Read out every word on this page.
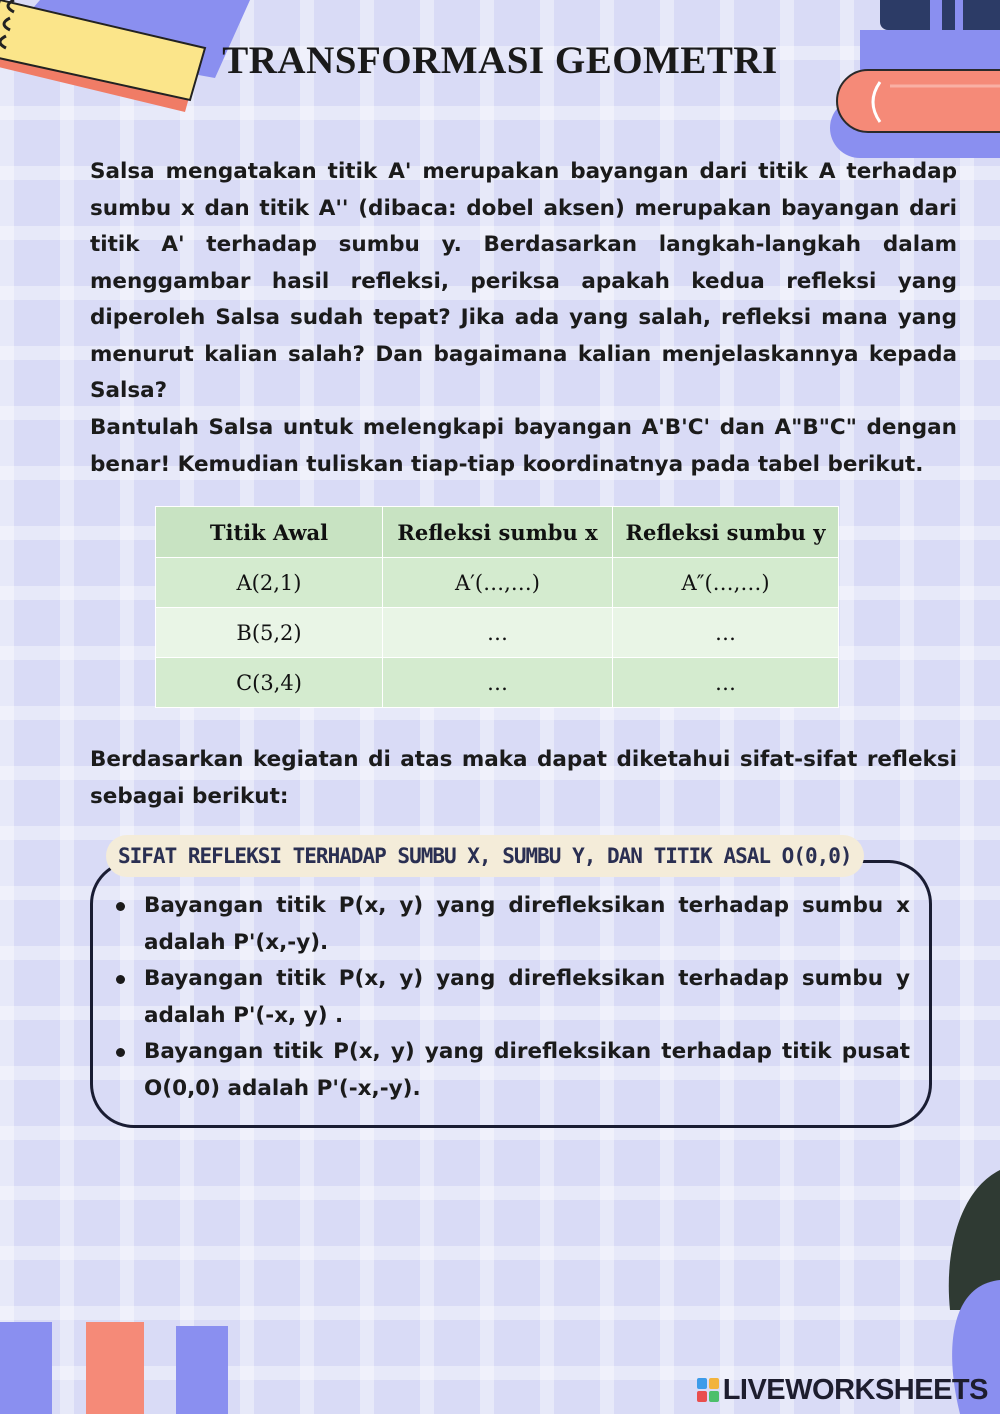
TRANSFORMASI GEOMETRI

Salsa mengatakan titik A' merupakan bayangan dari titik A terhadap sumbu x dan titik A'' (dibaca: dobel aksen) merupakan bayangan dari titik A' terhadap sumbu y. Berdasarkan langkah-langkah dalam menggambar hasil refleksi, periksa apakah kedua refleksi yang diperoleh Salsa sudah tepat? Jika ada yang salah, refleksi mana yang menurut kalian salah? Dan bagaimana kalian menjelaskannya kepada Salsa?

Bantulah Salsa untuk melengkapi bayangan A'B'C' dan A"B"C" dengan benar! Kemudian tuliskan tiap-tiap koordinatnya pada tabel berikut.

Titik Awal	Refleksi sumbu x	Refleksi sumbu y
A(2,1)	A′(…,…)	A″(…,…)
B(5,2)	…	…
C(3,4)	…	…

Berdasarkan kegiatan di atas maka dapat diketahui sifat-sifat refleksi sebagai berikut:

SIFAT REFLEKSI TERHADAP SUMBU X, SUMBU Y, DAN TITIK ASAL O(0,0)
Bayangan titik P(x, y) yang direfleksikan terhadap sumbu x adalah P'(x,-y).
Bayangan titik P(x, y) yang direfleksikan terhadap sumbu y adalah P'(-x, y) .
Bayangan titik P(x, y) yang direfleksikan terhadap titik pusat O(0,0) adalah P'(-x,-y).
LIVEWORKSHEETS
